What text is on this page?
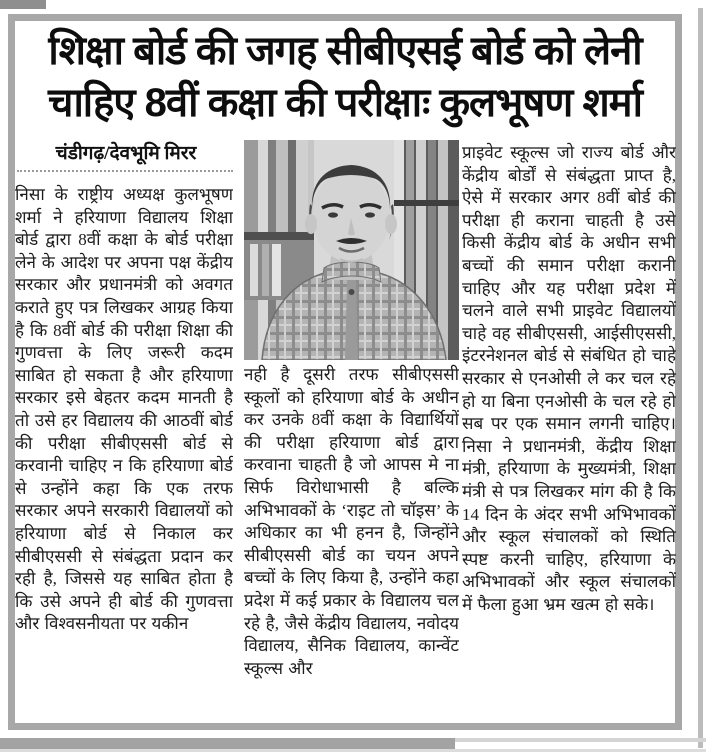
शिक्षा बोर्ड की जगह सीबीएसई बोर्ड को लेनी
चाहिए 8वीं कक्षा की परीक्षाः कुलभूषण शर्मा
चंडीगढ़/देवभूमि मिरर

निसा के राष्ट्रीय अध्यक्ष कुलभूषण शर्मा ने हरियाणा विद्यालय शिक्षा बोर्ड द्वारा 8वीं कक्षा के बोर्ड परीक्षा लेने के आदेश पर अपना पक्ष केंद्रीय सरकार और प्रधानमंत्री को अवगत कराते हुए पत्र लिखकर आग्रह किया है कि 8वीं बोर्ड की परीक्षा शिक्षा की गुणवत्ता के लिए जरूरी कदम साबित हो सकता है और हरियाणा सरकार इसे बेहतर कदम मानती है तो उसे हर विद्यालय की आठवीं बोर्ड की परीक्षा सीबीएससी बोर्ड से करवानी चाहिए न कि हरियाणा बोर्ड से उन्होंने कहा कि एक तरफ सरकार अपने सरकारी विद्यालयों को हरियाणा बोर्ड से निकाल कर सीबीएससी से संबंद्धता प्रदान कर रही है, जिससे यह साबित होता है कि उसे अपने ही बोर्ड की गुणवत्ता और विश्वसनीयता पर यकीन

नही है दूसरी तरफ सीबीएससी स्कूलों को हरियाणा बोर्ड के अधीन कर उनके 8वीं कक्षा के विद्यार्थियों की परीक्षा हरियाणा बोर्ड द्वारा करवाना चाहती है जो आपस मे ना सिर्फ विरोधाभासी है बल्कि अभिभावकों के ‘राइट तो चॉइस’ के अधिकार का भी हनन है, जिन्होंने सीबीएससी बोर्ड का चयन अपने बच्चों के लिए किया है, उन्होंने कहा प्रदेश में कई प्रकार के विद्यालय चल रहे है, जैसे केंद्रीय विद्यालय, नवोदय विद्यालय, सैनिक विद्यालय, कान्वेंट स्कूल्स और

प्राइवेट स्कूल्स जो राज्य बोर्ड और केंद्रीय बोर्डों से संबंद्धता प्राप्त है, ऐसे में सरकार अगर 8वीं बोर्ड की परीक्षा ही कराना चाहती है उसे किसी केंद्रीय बोर्ड के अधीन सभी बच्चों की समान परीक्षा करानी चाहिए और यह परीक्षा प्रदेश में चलने वाले सभी प्राइवेट विद्यालयों चाहे वह सीबीएससी, आईसीएससी, इंटरनेशनल बोर्ड से संबंधित हो चाहे सरकार से एनओसी ले कर चल रहे हो या बिना एनओसी के चल रहे हो सब पर एक समान लगनी चाहिए। निसा ने प्रधानमंत्री, केंद्रीय शिक्षा मंत्री, हरियाणा के मुख्यमंत्री, शिक्षा मंत्री से पत्र लिखकर मांग की है कि 14 दिन के अंदर सभी अभिभावकों और स्कूल संचालकों को स्थिति स्पष्ट करनी चाहिए, हरियाणा के अभिभावकों और स्कूल संचालकों में फैला हुआ भ्रम खत्म हो सके।
